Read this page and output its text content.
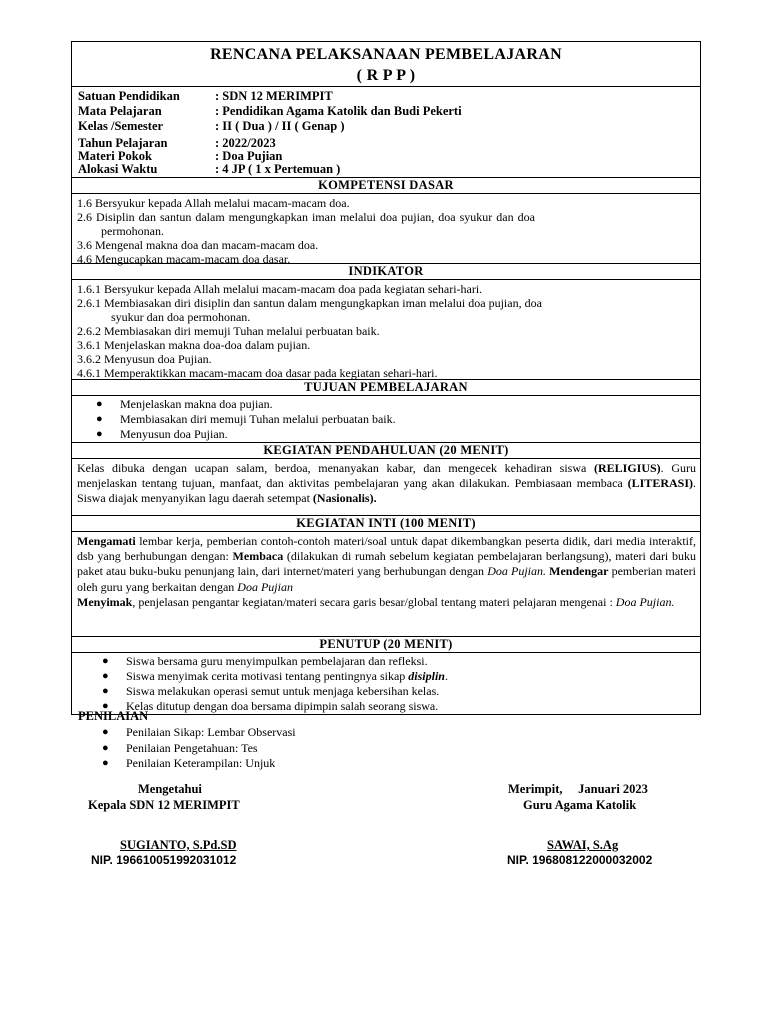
RENCANA PELAKSANAAN PEMBELAJARAN
( R P P )
Satuan Pendidikan	: SDN 12 MERIMPIT
Mata Pelajaran	: Pendidikan Agama Katolik dan Budi Pekerti
Kelas /Semester	: II ( Dua ) / II ( Genap )
Tahun Pelajaran	: 2022/2023
Materi Pokok	: Doa Pujian
Alokasi Waktu	: 4 JP ( 1 x Pertemuan )
KOMPETENSI DASAR
1.6 Bersyukur kepada Allah melalui macam-macam doa.
2.6 Disiplin dan santun dalam mengungkapkan iman melalui doa pujian, doa syukur dan doa
permohonan.
3.6 Mengenal makna doa dan macam-macam doa.
4.6 Mengucapkan macam-macam doa dasar.
INDIKATOR
1.6.1 Bersyukur kepada Allah melalui macam-macam doa pada kegiatan sehari-hari.
2.6.1 Membiasakan diri disiplin dan santun dalam mengungkapkan iman melalui doa pujian, doa
syukur dan doa permohonan.
2.6.2 Membiasakan diri memuji Tuhan melalui perbuatan baik.
3.6.1 Menjelaskan makna doa-doa dalam pujian.
3.6.2 Menyusun doa Pujian.
4.6.1 Memperaktikkan macam-macam doa dasar pada kegiatan sehari-hari.
TUJUAN PEMBELAJARAN
●	Menjelaskan makna doa pujian.
●	Membiasakan diri memuji Tuhan melalui perbuatan baik.
●	Menyusun doa Pujian.
KEGIATAN PENDAHULUAN (20 MENIT)
Kelas dibuka dengan ucapan salam, berdoa, menanyakan kabar, dan mengecek kehadiran siswa (RELIGIUS). Guru menjelaskan tentang tujuan, manfaat, dan aktivitas pembelajaran yang akan dilakukan. Pembiasaan membaca (LITERASI). Siswa diajak menyanyikan lagu daerah setempat (Nasionalis).
KEGIATAN INTI (100 MENIT)
Mengamati lembar kerja, pemberian contoh-contoh materi/soal untuk dapat dikembangkan peserta didik, dari media interaktif, dsb yang berhubungan dengan: Membaca (dilakukan di rumah sebelum kegiatan pembelajaran berlangsung), materi dari buku paket atau buku-buku penunjang lain, dari internet/materi yang berhubungan dengan Doa Pujian. Mendengar pemberian materi oleh guru yang berkaitan dengan Doa Pujian
Menyimak, penjelasan pengantar kegiatan/materi secara garis besar/global tentang materi pelajaran mengenai : Doa Pujian.
PENUTUP (20 MENIT)
●	Siswa bersama guru menyimpulkan pembelajaran dan refleksi.
●	Siswa menyimak cerita motivasi tentang pentingnya sikap disiplin.
●	Siswa melakukan operasi semut untuk menjaga kebersihan kelas.
●	Kelas ditutup dengan doa bersama dipimpin salah seorang siswa.
PENILAIAN
●	Penilaian Sikap: Lembar Observasi
●	Penilaian Pengetahuan: Tes
●	Penilaian Keterampilan: Unjuk
Mengetahui
Kepala SDN 12 MERIMPIT
SUGIANTO, S.Pd.SD
NIP. 196610051992031012
Merimpit,     Januari 2023
Guru Agama Katolik
SAWAI, S.Ag
NIP. 196808122000032002
